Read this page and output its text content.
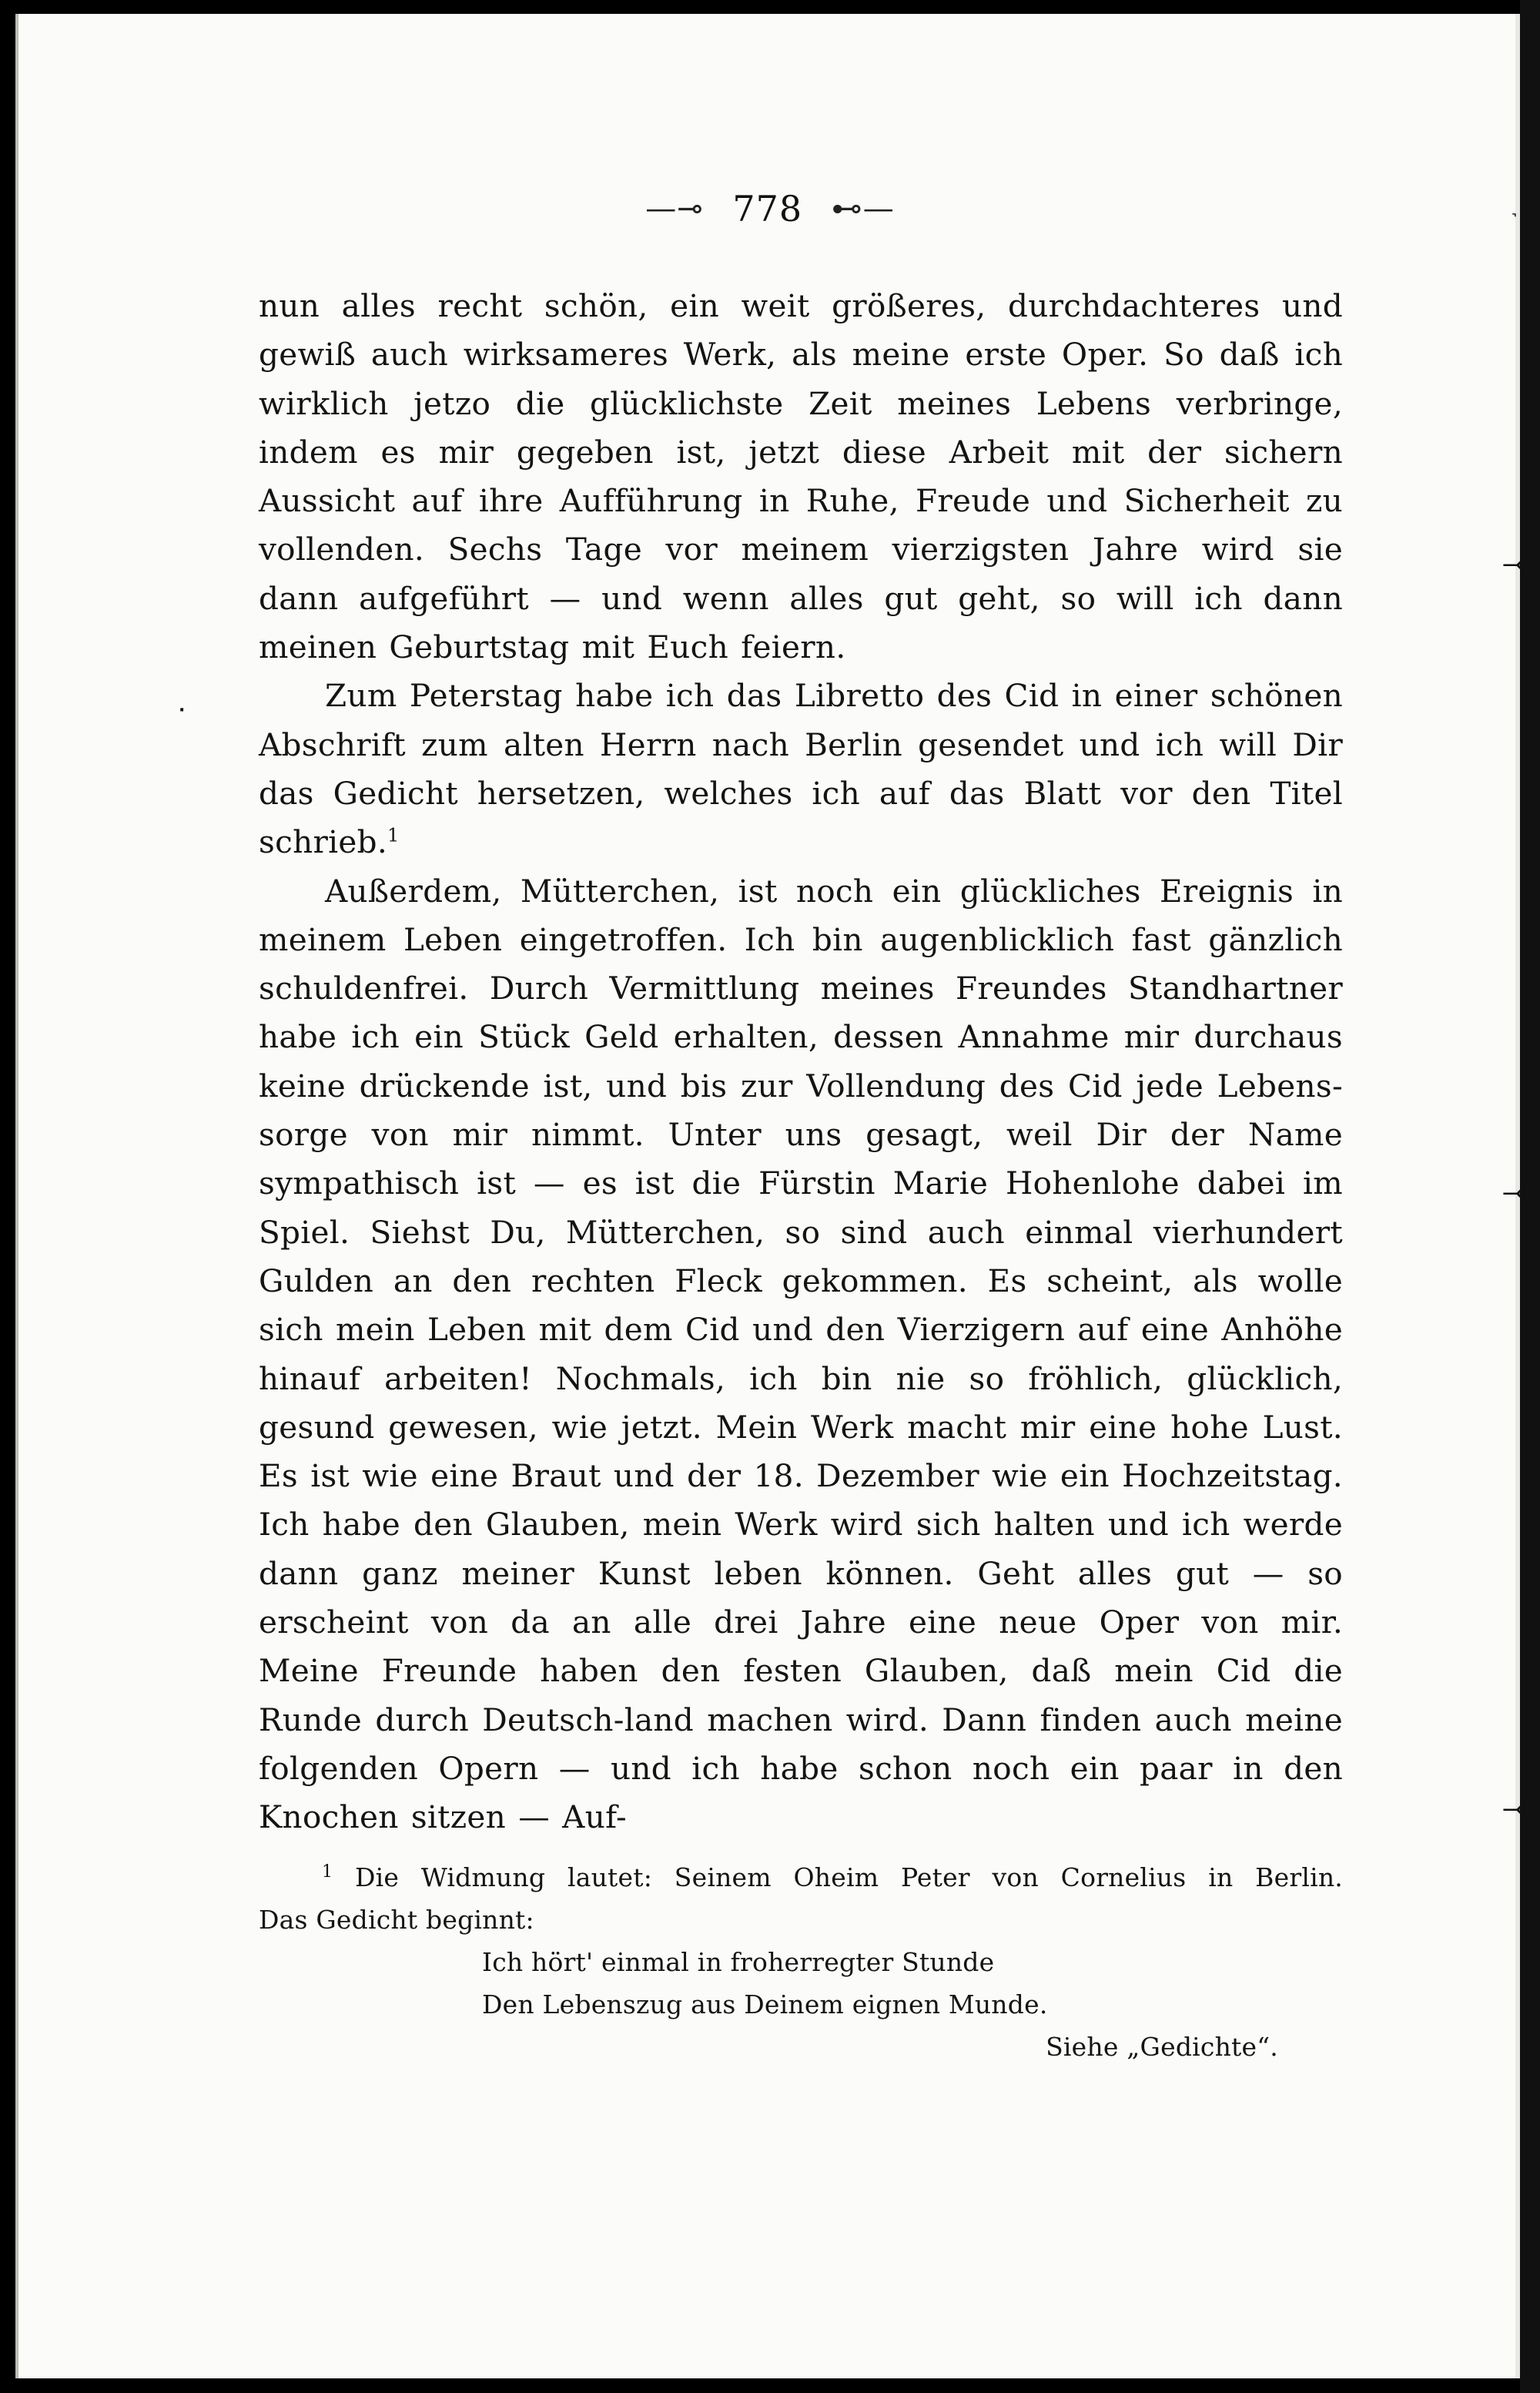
˺
⤙
⤙
⤙
·
—⊸ 778 ⊷—

nun alles recht schön, ein weit größeres, durchdachteres und gewiß auch wirksameres Werk, als meine erste Oper. So daß ich wirklich jetzo die glücklichste Zeit meines Lebens verbringe, indem es mir gegeben ist, jetzt diese Arbeit mit der sichern Aussicht auf ihre Aufführung in Ruhe, Freude und Sicherheit zu vollenden. Sechs Tage vor meinem vierzigsten Jahre wird sie dann aufgeführt — und wenn alles gut geht, so will ich dann meinen Geburtstag mit Euch feiern.

Zum Peterstag habe ich das Libretto des Cid in einer schönen Abschrift zum alten Herrn nach Berlin gesendet und ich will Dir das Gedicht hersetzen, welches ich auf das Blatt vor den Titel schrieb.$^1$

Außerdem, Mütterchen, ist noch ein glückliches Ereignis in meinem Leben eingetroffen. Ich bin augenblicklich fast gänzlich schuldenfrei. Durch Vermittlung meines Freundes Standhartner habe ich ein Stück Geld erhalten, dessen Annahme mir durchaus keine drückende ist, und bis zur Vollendung des Cid jede Lebens-sorge von mir nimmt. Unter uns gesagt, weil Dir der Name sympathisch ist — es ist die Fürstin Marie Hohenlohe dabei im Spiel. Siehst Du, Mütterchen, so sind auch einmal vierhundert Gulden an den rechten Fleck gekommen. Es scheint, als wolle sich mein Leben mit dem Cid und den Vierzigern auf eine Anhöhe hinauf arbeiten! Nochmals, ich bin nie so fröhlich, glücklich, gesund gewesen, wie jetzt. Mein Werk macht mir eine hohe Lust. Es ist wie eine Braut und der 18. Dezember wie ein Hochzeitstag. Ich habe den Glauben, mein Werk wird sich halten und ich werde dann ganz meiner Kunst leben können. Geht alles gut — so erscheint von da an alle drei Jahre eine neue Oper von mir. Meine Freunde haben den festen Glauben, daß mein Cid die Runde durch Deutsch-land machen wird. Dann finden auch meine folgenden Opern — und ich habe schon noch ein paar in den Knochen sitzen — Auf-

$^1$ Die Widmung lautet: Seinem Oheim Peter von Cornelius in Berlin.
Das Gedicht beginnt:
Ich hört' einmal in froherregter Stunde
Den Lebenszug aus Deinem eignen Munde.
Siehe „Gedichte“.
